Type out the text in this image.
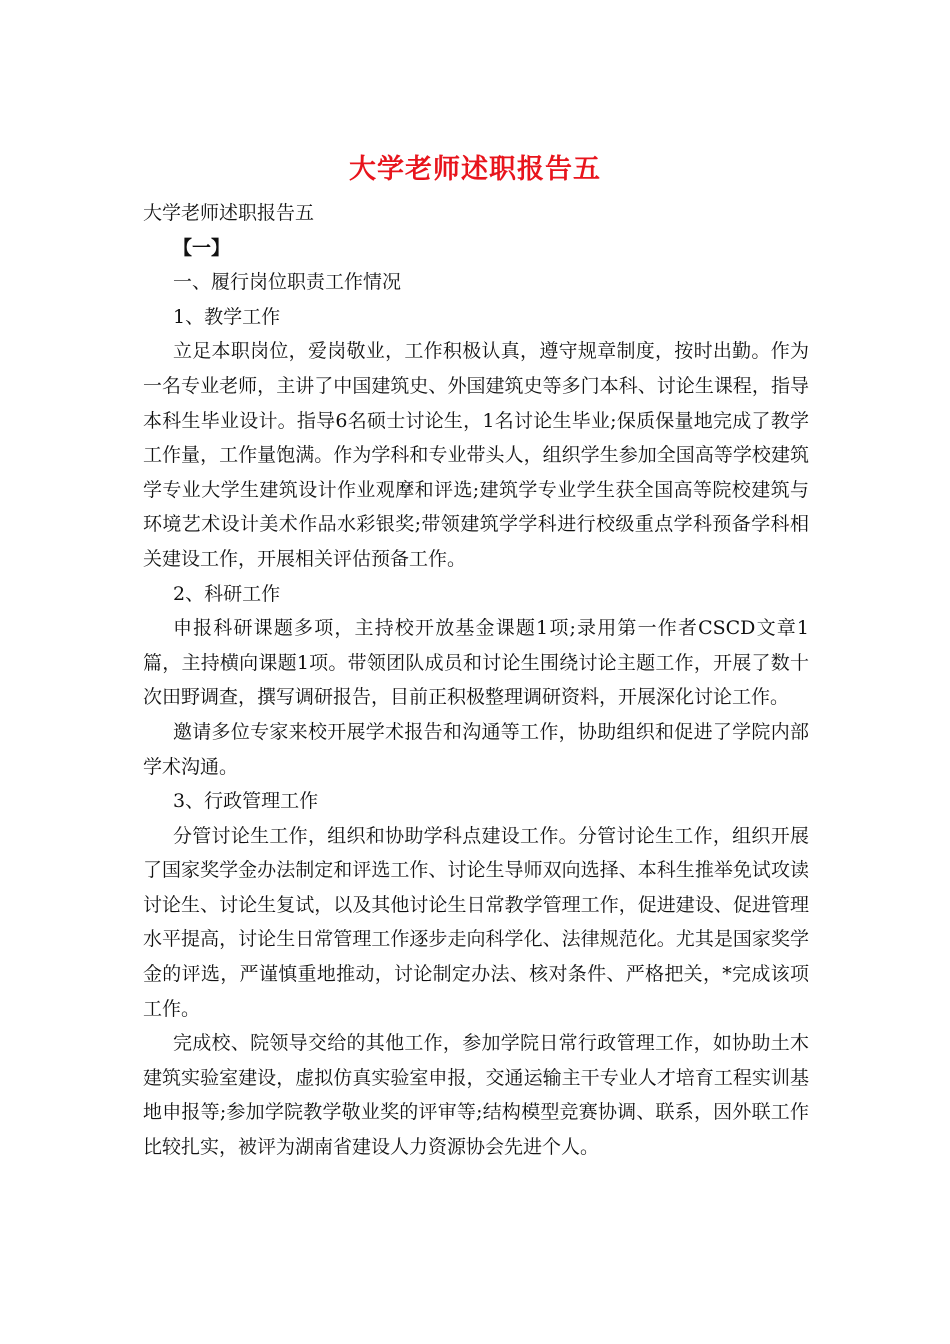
大学老师述职报告五

大学老师述职报告五

【一】

一、履行岗位职责工作情况

1、教学工作

立足本职岗位，爱岗敬业，工作积极认真，遵守规章制度，按时出勤。作为一名专业老师，主讲了中国建筑史、外国建筑史等多门本科、讨论生课程，指导本科生毕业设计。指导6名硕士讨论生，1名讨论生毕业;保质保量地完成了教学工作量，工作量饱满。作为学科和专业带头人，组织学生参加全国高等学校建筑学专业大学生建筑设计作业观摩和评选;建筑学专业学生获全国高等院校建筑与环境艺术设计美术作品水彩银奖;带领建筑学学科进行校级重点学科预备学科相关建设工作，开展相关评估预备工作。

2、科研工作

申报科研课题多项，主持校开放基金课题1项;录用第一作者CSCD文章1篇，主持横向课题1项。带领团队成员和讨论生围绕讨论主题工作，开展了数十次田野调查，撰写调研报告，目前正积极整理调研资料，开展深化讨论工作。

邀请多位专家来校开展学术报告和沟通等工作，协助组织和促进了学院内部学术沟通。

3、行政管理工作

分管讨论生工作，组织和协助学科点建设工作。分管讨论生工作，组织开展了国家奖学金办法制定和评选工作、讨论生导师双向选择、本科生推举免试攻读讨论生、讨论生复试，以及其他讨论生日常教学管理工作，促进建设、促进管理水平提高，讨论生日常管理工作逐步走向科学化、法律规范化。尤其是国家奖学金的评选，严谨慎重地推动，讨论制定办法、核对条件、严格把关，*完成该项工作。

完成校、院领导交给的其他工作，参加学院日常行政管理工作，如协助土木建筑实验室建设，虚拟仿真实验室申报，交通运输主干专业人才培育工程实训基地申报等;参加学院教学敬业奖的评审等;结构模型竞赛协调、联系，因外联工作比较扎实，被评为湖南省建设人力资源协会先进个人。
